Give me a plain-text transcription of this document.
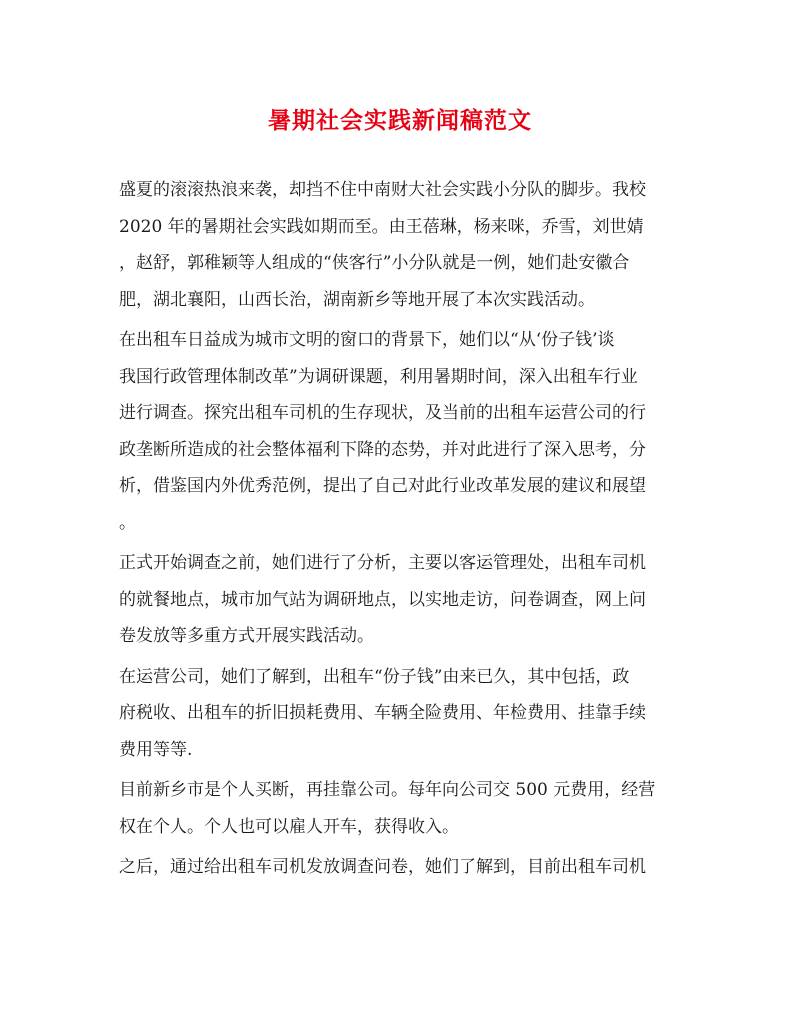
暑期社会实践新闻稿范文
盛夏的滚滚热浪来袭，却挡不住中南财大社会实践小分队的脚步。我校
2020 年的暑期社会实践如期而至。由王蓓琳，杨来咪，乔雪，刘世婧
，赵舒，郭稚颖等人组成的“侠客行”小分队就是一例，她们赴安徽合
肥，湖北襄阳，山西长治，湖南新乡等地开展了本次实践活动。
在出租车日益成为城市文明的窗口的背景下，她们以“从‘份子钱’谈
我国行政管理体制改革”为调研课题，利用暑期时间，深入出租车行业
进行调查。探究出租车司机的生存现状，及当前的出租车运营公司的行
政垄断所造成的社会整体福利下降的态势，并对此进行了深入思考，分
析，借鉴国内外优秀范例，提出了自己对此行业改革发展的建议和展望
。
正式开始调查之前，她们进行了分析，主要以客运管理处，出租车司机
的就餐地点，城市加气站为调研地点，以实地走访，问卷调查，网上问
卷发放等多重方式开展实践活动。
在运营公司，她们了解到，出租车“份子钱”由来已久，其中包括，政
府税收、出租车的折旧损耗费用、车辆全险费用、年检费用、挂靠手续
费用等等.
目前新乡市是个人买断，再挂靠公司。每年向公司交 500 元费用，经营
权在个人。个人也可以雇人开车，获得收入。
之后，通过给出租车司机发放调查问卷，她们了解到，目前出租车司机
